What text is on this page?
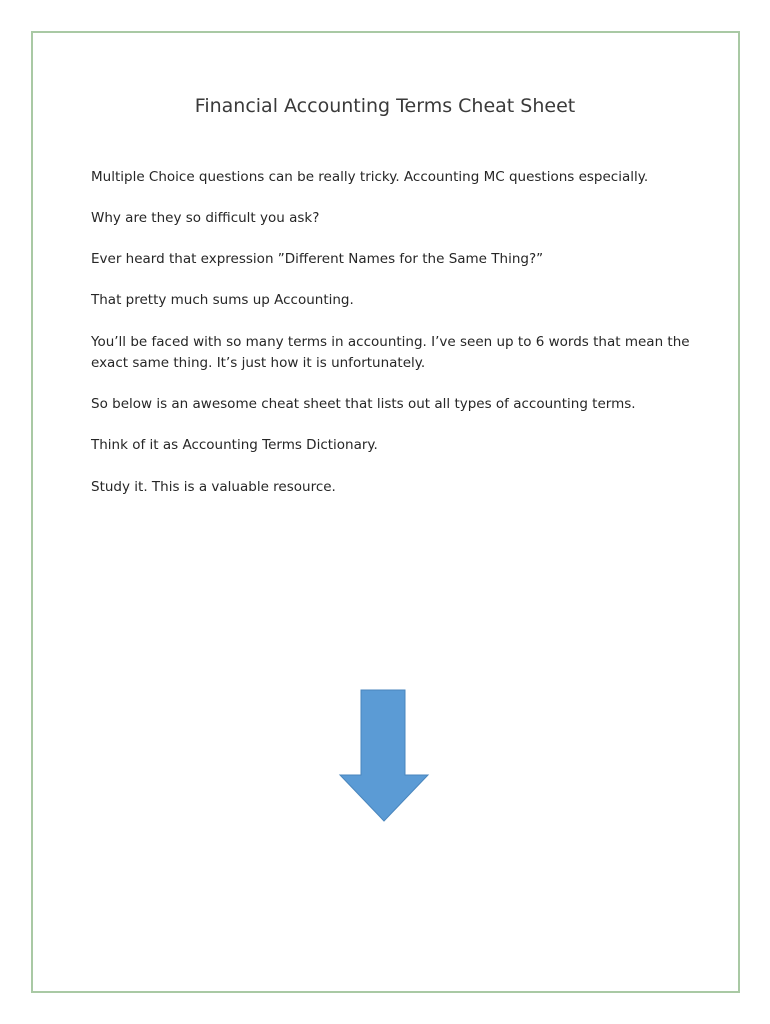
Financial Accounting Terms Cheat Sheet
Multiple Choice questions can be really tricky. Accounting MC questions especially.
Why are they so difficult you ask?
Ever heard that expression ”Different Names for the Same Thing?”
That pretty much sums up Accounting.
You’ll be faced with so many terms in accounting. I’ve seen up to 6 words that mean the exact same thing. It’s just how it is unfortunately.
So below is an awesome cheat sheet that lists out all types of accounting terms.
Think of it as Accounting Terms Dictionary.
Study it. This is a valuable resource.
